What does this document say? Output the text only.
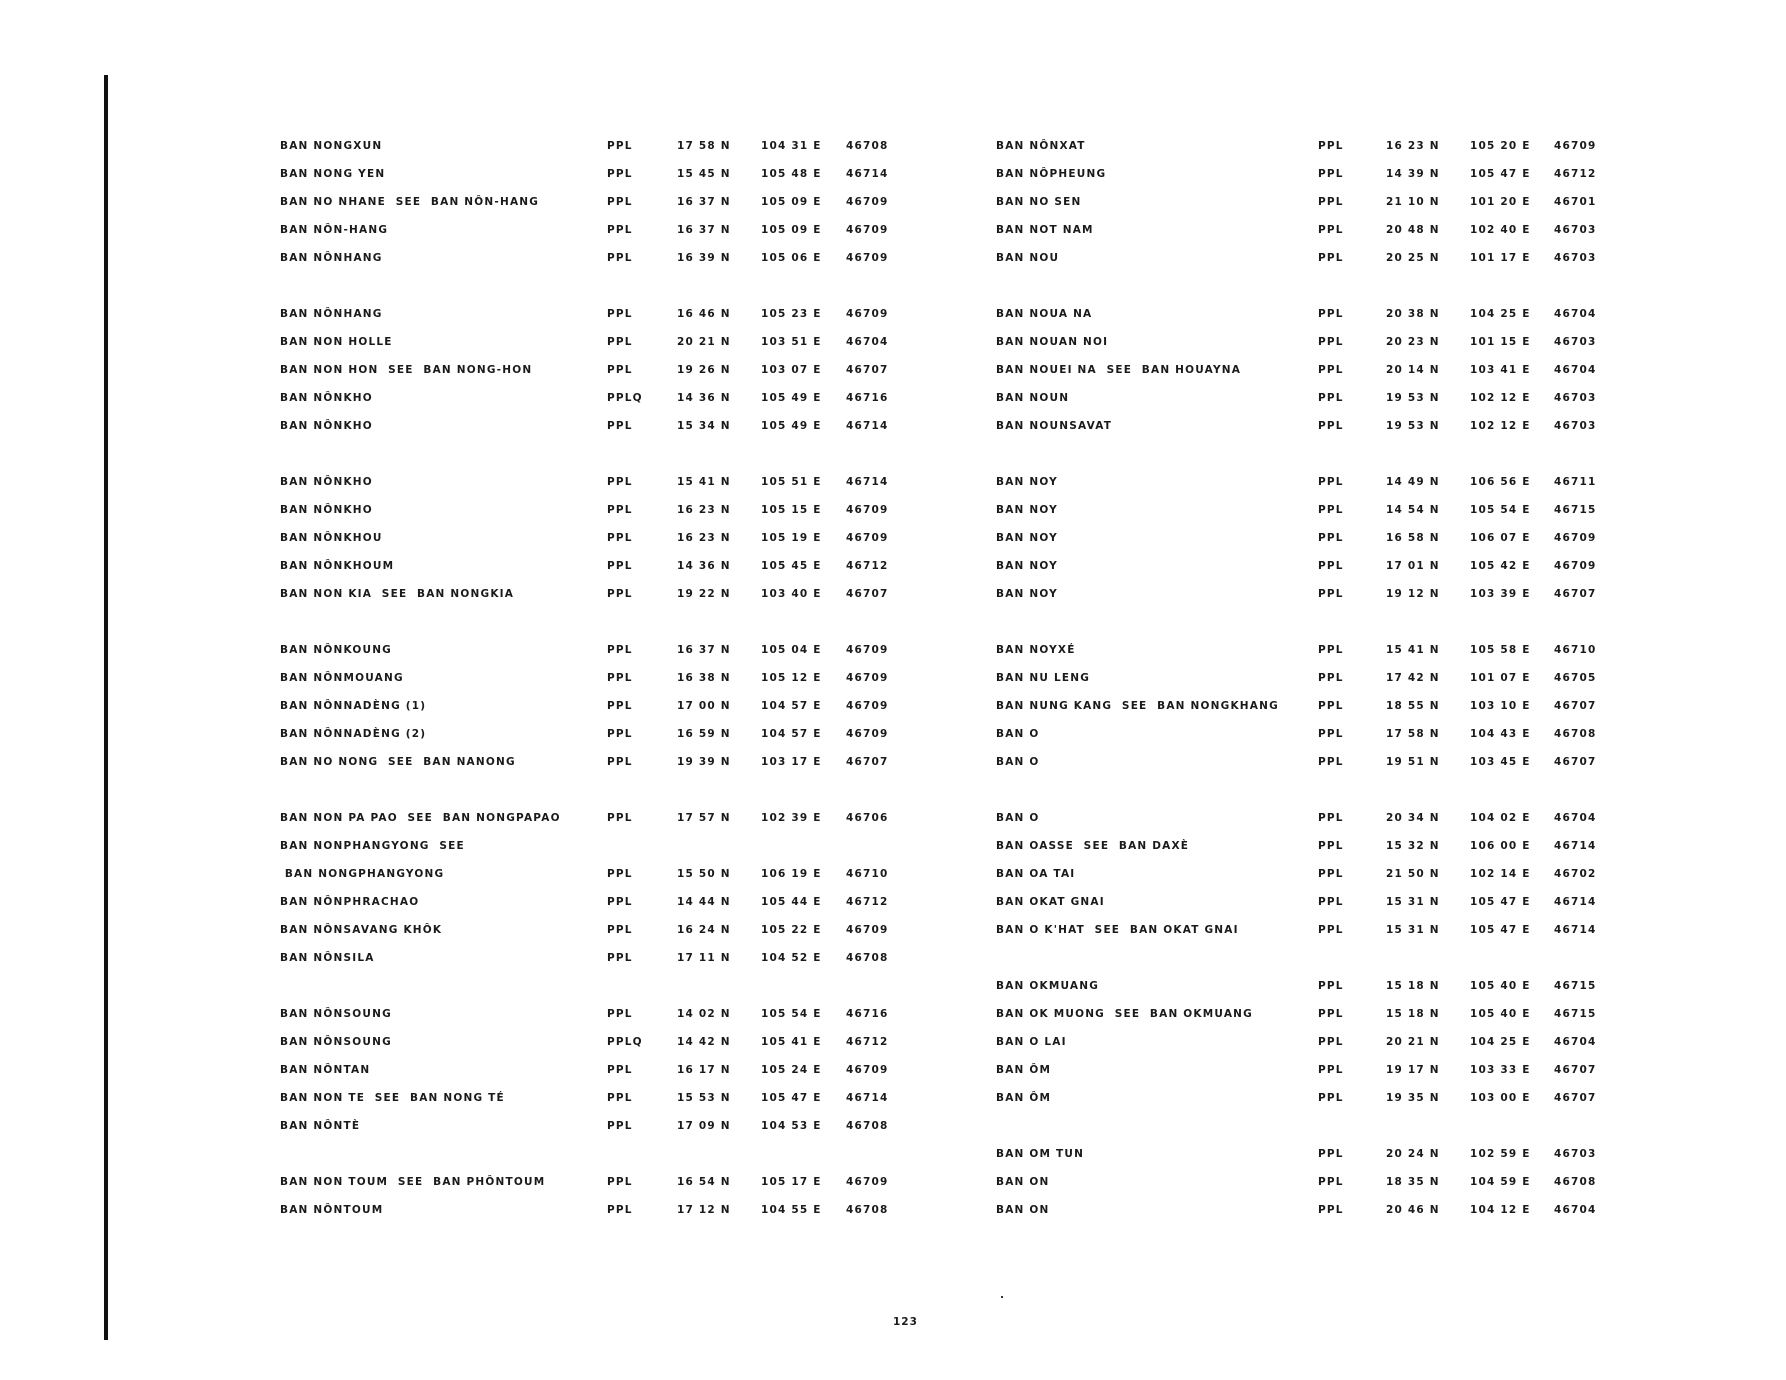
BAN NONGXUN	PPL	17 58 N	104 31 E 46708
BAN NONG YEN	PPL	15 45 N	105 48 E 46714
BAN NO NHANE  SEE  BAN NÔN-HANG	PPL	16 37 N	105 09 E 46709
BAN NÔN-HANG	PPL	16 37 N	105 09 E 46709
BAN NÔNHANG	PPL	16 39 N	105 06 E 46709
BAN NÔNHANG	PPL	16 46 N	105 23 E 46709
BAN NON HOLLE	PPL	20 21 N	103 51 E 46704
BAN NON HON  SEE  BAN NONG-HON	PPL	19 26 N	103 07 E 46707
BAN NÔNKHO	PPLQ	14 36 N	105 49 E 46716
BAN NÔNKHO	PPL	15 34 N	105 49 E 46714
BAN NÔNKHO	PPL	15 41 N	105 51 E 46714
BAN NÔNKHO	PPL	16 23 N	105 15 E 46709
BAN NÔNKHOU	PPL	16 23 N	105 19 E 46709
BAN NÔNKHOUM	PPL	14 36 N	105 45 E 46712
BAN NON KIA  SEE  BAN NONGKIA	PPL	19 22 N	103 40 E 46707
BAN NÔNKOUNG	PPL	16 37 N	105 04 E 46709
BAN NÔNMOUANG	PPL	16 38 N	105 12 E 46709
BAN NÔNNADÈNG (1)	PPL	17 00 N	104 57 E 46709
BAN NÔNNADÈNG (2)	PPL	16 59 N	104 57 E 46709
BAN NO NONG  SEE  BAN NANONG	PPL	19 39 N	103 17 E 46707
BAN NON PA PAO  SEE  BAN NONGPAPAO	PPL	17 57 N	102 39 E 46706
BAN NONPHANGYONG  SEE
BAN NONGPHANGYONG	PPL	15 50 N	106 19 E 46710
BAN NÔNPHRACHAO	PPL	14 44 N	105 44 E 46712
BAN NÔNSAVANG KHÔK	PPL	16 24 N	105 22 E 46709
BAN NÔNSILA	PPL	17 11 N	104 52 E 46708
BAN NÔNSOUNG	PPL	14 02 N	105 54 E 46716
BAN NÔNSOUNG	PPLQ	14 42 N	105 41 E 46712
BAN NÔNTAN	PPL	16 17 N	105 24 E 46709
BAN NON TE  SEE  BAN NONG TÉ	PPL	15 53 N	105 47 E 46714
BAN NÔNTÈ	PPL	17 09 N	104 53 E 46708
BAN NON TOUM  SEE  BAN PHÔNTOUM	PPL	16 54 N	105 17 E 46709
BAN NÔNTOUM	PPL	17 12 N	104 55 E 46708
BAN NÔNXAT	PPL	16 23 N	105 20 E 46709
BAN NÔPHEUNG	PPL	14 39 N	105 47 E 46712
BAN NO SEN	PPL	21 10 N	101 20 E 46701
BAN NOT NAM	PPL	20 48 N	102 40 E 46703
BAN NOU	PPL	20 25 N	101 17 E 46703
BAN NOUA NA	PPL	20 38 N	104 25 E 46704
BAN NOUAN NOI	PPL	20 23 N	101 15 E 46703
BAN NOUEI NA  SEE  BAN HOUAYNA	PPL	20 14 N	103 41 E 46704
BAN NOUN	PPL	19 53 N	102 12 E 46703
BAN NOUNSAVAT	PPL	19 53 N	102 12 E 46703
BAN NOY	PPL	14 49 N	106 56 E 46711
BAN NOY	PPL	14 54 N	105 54 E 46715
BAN NOY	PPL	16 58 N	106 07 E 46709
BAN NOY	PPL	17 01 N	105 42 E 46709
BAN NOY	PPL	19 12 N	103 39 E 46707
BAN NOYXÉ	PPL	15 41 N	105 58 E 46710
BAN NU LENG	PPL	17 42 N	101 07 E 46705
BAN NUNG KANG  SEE  BAN NONGKHANG	PPL	18 55 N	103 10 E 46707
BAN O	PPL	17 58 N	104 43 E 46708
BAN O	PPL	19 51 N	103 45 E 46707
BAN O	PPL	20 34 N	104 02 E 46704
BAN OASSE  SEE  BAN DAXÈ	PPL	15 32 N	106 00 E 46714
BAN OA TAI	PPL	21 50 N	102 14 E 46702
BAN OKAT GNAI	PPL	15 31 N	105 47 E 46714
BAN O K'HAT  SEE  BAN OKAT GNAI	PPL	15 31 N	105 47 E 46714
BAN OKMUANG	PPL	15 18 N	105 40 E 46715
BAN OK MUONG  SEE  BAN OKMUANG	PPL	15 18 N	105 40 E 46715
BAN O LAI	PPL	20 21 N	104 25 E 46704
BAN ÔM	PPL	19 17 N	103 33 E 46707
BAN ÔM	PPL	19 35 N	103 00 E 46707
BAN OM TUN	PPL	20 24 N	102 59 E 46703
BAN ON	PPL	18 35 N	104 59 E 46708
BAN ON	PPL	20 46 N	104 12 E 46704
123
